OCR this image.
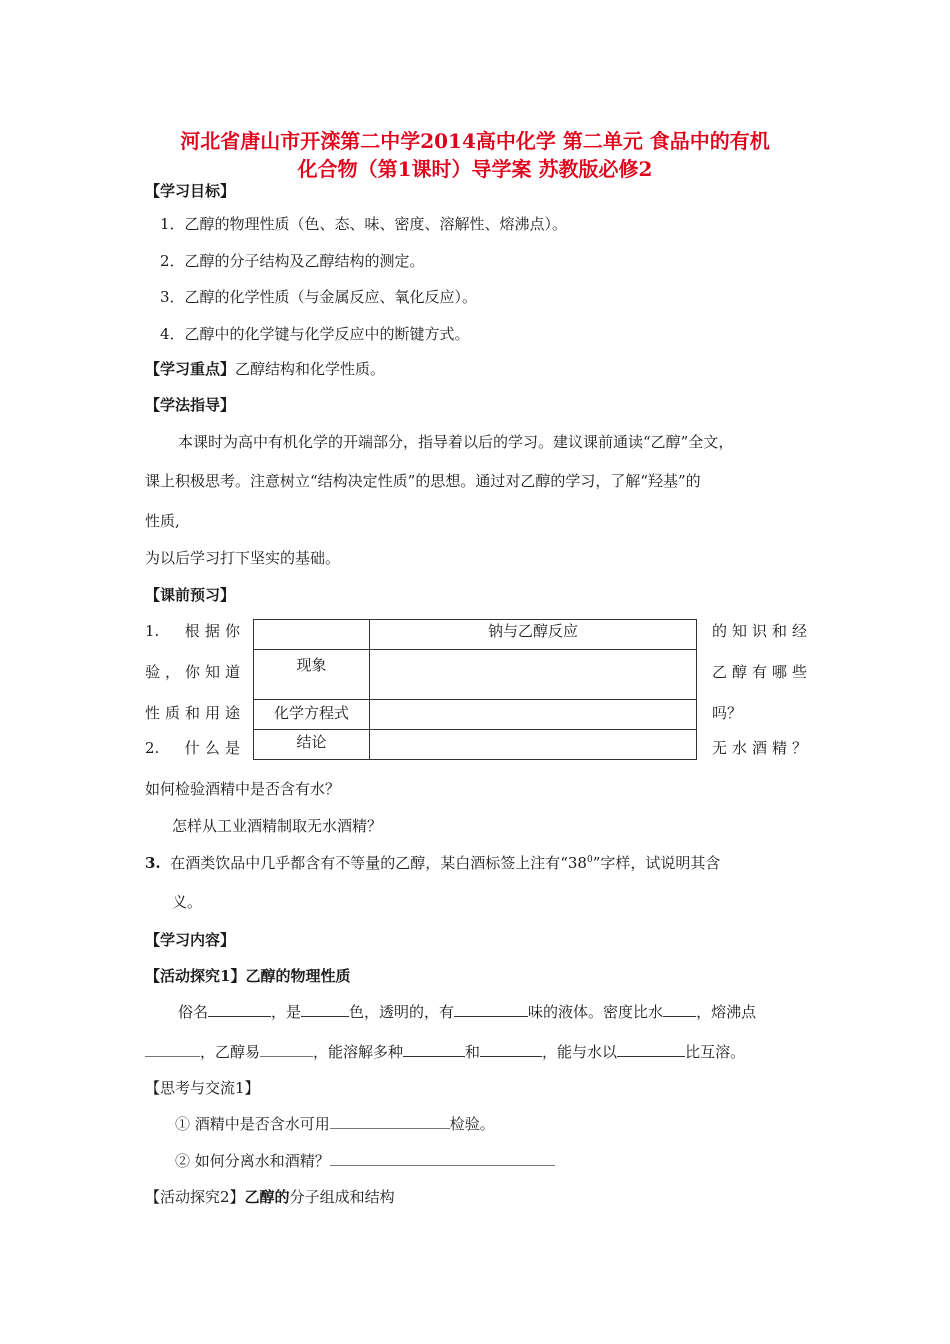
河北省唐山市开滦第二中学2014高中化学 第二单元 食品中的有机
化合物（第1课时）导学案 苏教版必修2
【学习目标】
1．乙醇的物理性质（色、态、味、密度、溶解性、熔沸点）。
2．乙醇的分子结构及乙醇结构的测定。
3．乙醇的化学性质（与金属反应、氧化反应）。
4．乙醇中的化学键与化学反应中的断键方式。
【学习重点】乙醇结构和化学性质。
【学法指导】
本课时为高中有机化学的开端部分，指导着以后的学习。建议课前通读“乙醇”全文，
课上积极思考。注意树立“结构决定性质”的思想。通过对乙醇的学习，了解“羟基”的
性质,
为以后学习打下坚实的基础。
【课前预习】
1.　根据你
验，你知道
性质和用途
2.　什么是
的知识和经
乙醇有哪些
吗？
无水酒精？
	钠与乙醇反应
现象	
化学方程式	
结论	
如何检验酒精中是否含有水？
怎样从工业酒精制取无水酒精？
3. 在酒类饮品中几乎都含有不等量的乙醇，某白酒标签上注有“$38^0$”字样，试说明其含
义。
【学习内容】
【活动探究1】乙醇的物理性质
俗名	，是	色，透明的，有	味的液体。密度比水 ，熔沸点
，乙醇易	，能溶解多种	和	，能与水以	比互溶。
【思考与交流1】
① 酒精中是否含水可用	检验。
② 如何分离水和酒精？
【活动探究2】乙醇的分子组成和结构
